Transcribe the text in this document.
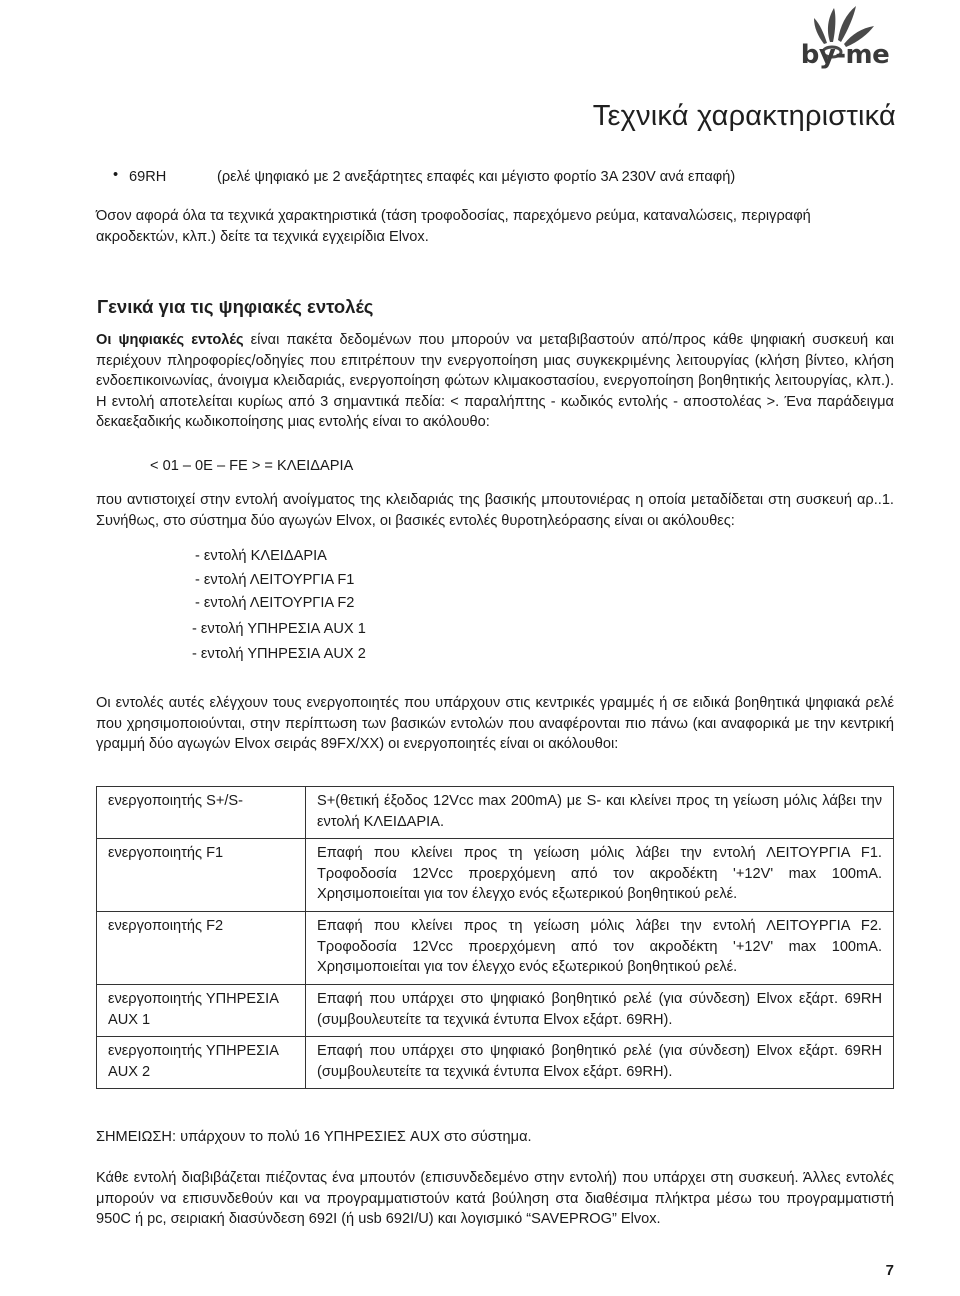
by-me
Τεχνικά χαρακτηριστικά
• 69RH	(ρελέ ψηφιακό με 2 ανεξάρτητες επαφές και μέγιστο φορτίο 3A 230V ανά επαφή)
Όσον αφορά όλα τα τεχνικά χαρακτηριστικά (τάση τροφοδοσίας, παρεχόμενο ρεύμα, καταναλώσεις, περιγραφή
ακροδεκτών, κλπ.) δείτε τα τεχνικά εγχειρίδια Elvox.
Γενικά για τις ψηφιακές εντολές
Οι ψηφιακές εντολές είναι πακέτα δεδομένων που μπορούν να μεταβιβαστούν από/προς κάθε ψηφιακή συσκευή και περιέχουν πληροφορίες/οδηγίες που επιτρέπουν την ενεργοποίηση μιας συγκεκριμένης λειτουργίας (κλήση βίντεο, κλήση ενδοεπικοινωνίας, άνοιγμα κλειδαριάς, ενεργοποίηση φώτων κλιμακοστασίου, ενεργοποίηση βοηθητικής λειτουργίας, κλπ.). Η εντολή αποτελείται κυρίως από 3 σημαντικά πεδία: < παραλήπτης - κωδικός εντολής - αποστολέας >. Ένα παράδειγμα δεκαεξαδικής κωδικοποίησης μιας εντολής είναι το ακόλουθο:
< 01 – 0E – FE > = ΚΛΕΙΔΑΡΙΑ
που αντιστοιχεί στην εντολή ανοίγματος της κλειδαριάς της βασικής μπουτονιέρας η οποία μεταδίδεται στη συσκευή αρ..1. Συνήθως, στο σύστημα δύο αγωγών Elvox, οι βασικές εντολές θυροτηλεόρασης είναι οι ακόλουθες:
- εντολή ΚΛΕΙΔΑΡΙΑ
- εντολή ΛΕΙΤΟΥΡΓΙΑ F1
- εντολή ΛΕΙΤΟΥΡΓΙΑ F2
- εντολή ΥΠΗΡΕΣΙΑ AUX 1
- εντολή ΥΠΗΡΕΣΙΑ AUX 2
Οι εντολές αυτές ελέγχουν τους ενεργοποιητές που υπάρχουν στις κεντρικές γραμμές ή σε ειδικά βοηθητικά ψηφιακά ρελέ που χρησιμοποιούνται, στην περίπτωση των βασικών εντολών που αναφέρονται πιο πάνω (και αναφορικά με την κεντρική γραμμή δύο αγωγών Elvox σειράς 89FX/XX) οι ενεργοποιητές είναι οι ακόλουθοι:
ενεργοποιητής S+/S-	S+(θετική έξοδος 12Vcc max 200mA) με S- και κλείνει προς τη γείωση μόλις λάβει την εντολή ΚΛΕΙΔΑΡΙΑ.
ενεργοποιητής F1	Επαφή που κλείνει προς τη γείωση μόλις λάβει την εντολή ΛΕΙΤΟΥΡΓΙΑ F1. Τροφοδοσία 12Vcc προερχόμενη από τον ακροδέκτη '+12V' max 100mA. Χρησιμοποιείται για τον έλεγχο ενός εξωτερικού βοηθητικού ρελέ.
ενεργοποιητής F2	Επαφή που κλείνει προς τη γείωση μόλις λάβει την εντολή ΛΕΙΤΟΥΡΓΙΑ F2. Τροφοδοσία 12Vcc προερχόμενη από τον ακροδέκτη '+12V' max 100mA. Χρησιμοποιείται για τον έλεγχο ενός εξωτερικού βοηθητικού ρελέ.
ενεργοποιητής ΥΠΗΡΕΣΙΑ AUX 1	Επαφή που υπάρχει στο ψηφιακό βοηθητικό ρελέ (για σύνδεση) Elvox εξάρτ. 69RH (συμβουλευτείτε τα τεχνικά έντυπα Elvox εξάρτ. 69RH).
ενεργοποιητής ΥΠΗΡΕΣΙΑ AUX 2	Επαφή που υπάρχει στο ψηφιακό βοηθητικό ρελέ (για σύνδεση) Elvox εξάρτ. 69RH (συμβουλευτείτε τα τεχνικά έντυπα Elvox εξάρτ. 69RH).
ΣΗΜΕΙΩΣΗ: υπάρχουν το πολύ 16 ΥΠΗΡΕΣΙΕΣ AUX στο σύστημα.
Κάθε εντολή διαβιβάζεται πιέζοντας ένα μπουτόν (επισυνδεδεμένο στην εντολή) που υπάρχει στη συσκευή. Άλλες εντολές μπορούν να επισυνδεθούν και να προγραμματιστούν κατά βούληση στα διαθέσιμα πλήκτρα μέσω του προγραμματιστή 950C ή pc, σειριακή διασύνδεση 692I (ή usb 692I/U) και λογισμικό “SAVEPROG” Elvox.
7
